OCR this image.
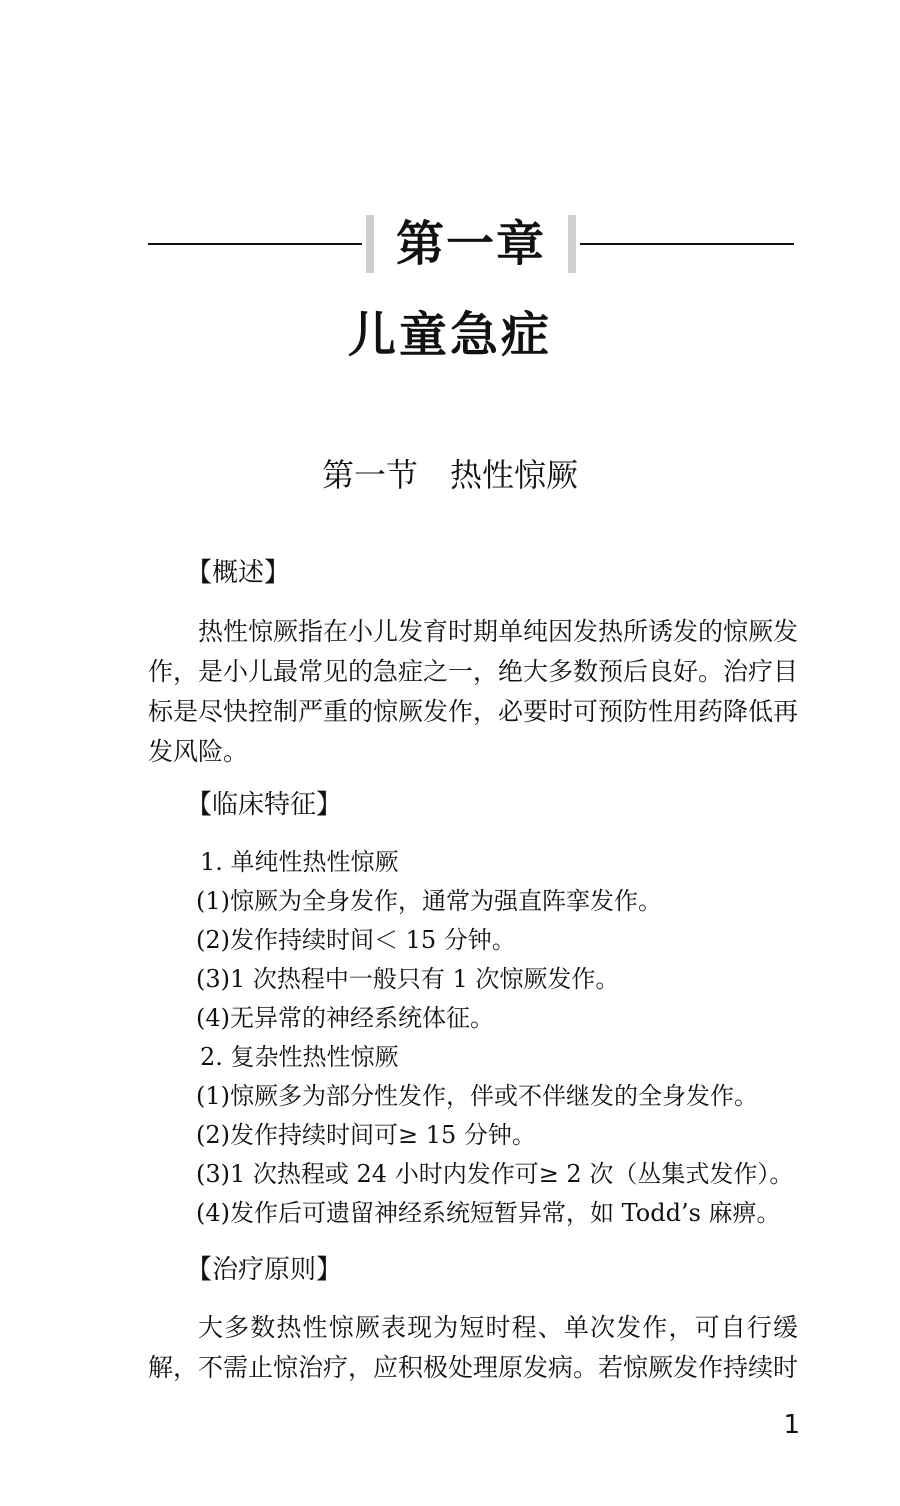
第一章
儿童急症
第一节　热性惊厥
【概述】

热性惊厥指在小儿发育时期单纯因发热所诱发的惊厥发作，是小儿最常见的急症之一，绝大多数预后良好。治疗目标是尽快控制严重的惊厥发作，必要时可预防性用药降低再发风险。

【临床特征】
1. 单纯性热性惊厥
(1)惊厥为全身发作，通常为强直阵挛发作。
(2)发作持续时间＜ 15 分钟。
(3)1 次热程中一般只有 1 次惊厥发作。
(4)无异常的神经系统体征。
2. 复杂性热性惊厥
(1)惊厥多为部分性发作，伴或不伴继发的全身发作。
(2)发作持续时间可≥ 15 分钟。
(3)1 次热程或 24 小时内发作可≥ 2 次（丛集式发作）。
(4)发作后可遗留神经系统短暂异常，如 Todd’s 麻痹。
【治疗原则】

大多数热性惊厥表现为短时程、单次发作，可自行缓解，不需止惊治疗，应积极处理原发病。若惊厥发作持续时

1
